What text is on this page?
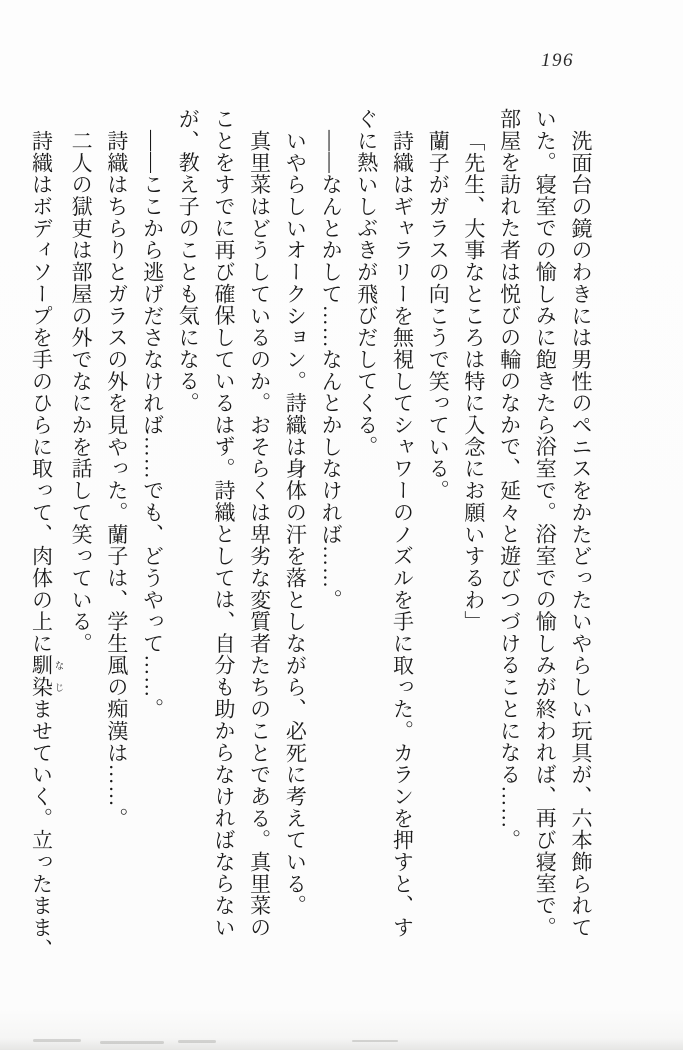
196
洗面台の鏡のわきには男性のペニスをかたどったいやらしい玩具が、六本飾られて
いた。寝室での愉しみに飽きたら浴室で。浴室での愉しみが終われば、再び寝室で。
部屋を訪れた者は悦びの輪のなかで、延々と遊びつづけることになる……。
「先生、大事なところは特に入念にお願いするわ」
蘭子がガラスの向こうで笑っている。
詩織はギャラリーを無視してシャワーのノズルを手に取った。カランを押すと、す
ぐに熱いしぶきが飛びだしてくる。
——なんとかして……なんとかしなければ……。
いやらしいオークション。詩織は身体の汗を落としながら、必死に考えている。
真里菜はどうしているのか。おそらくは卑劣な変質者たちのことである。真里菜の
ことをすでに再び確保しているはず。詩織としては、自分も助からなければならない
が、教え子のことも気になる。
——ここから逃げださなければ……でも、どうやって……。
詩織はちらりとガラスの外を見やった。蘭子は、学生風の痴漢は……。
二人の獄吏は部屋の外でなにかを話して笑っている。
詩織はボディソープを手のひらに取って、肉体の上に馴染 なじませていく。立ったまま、
